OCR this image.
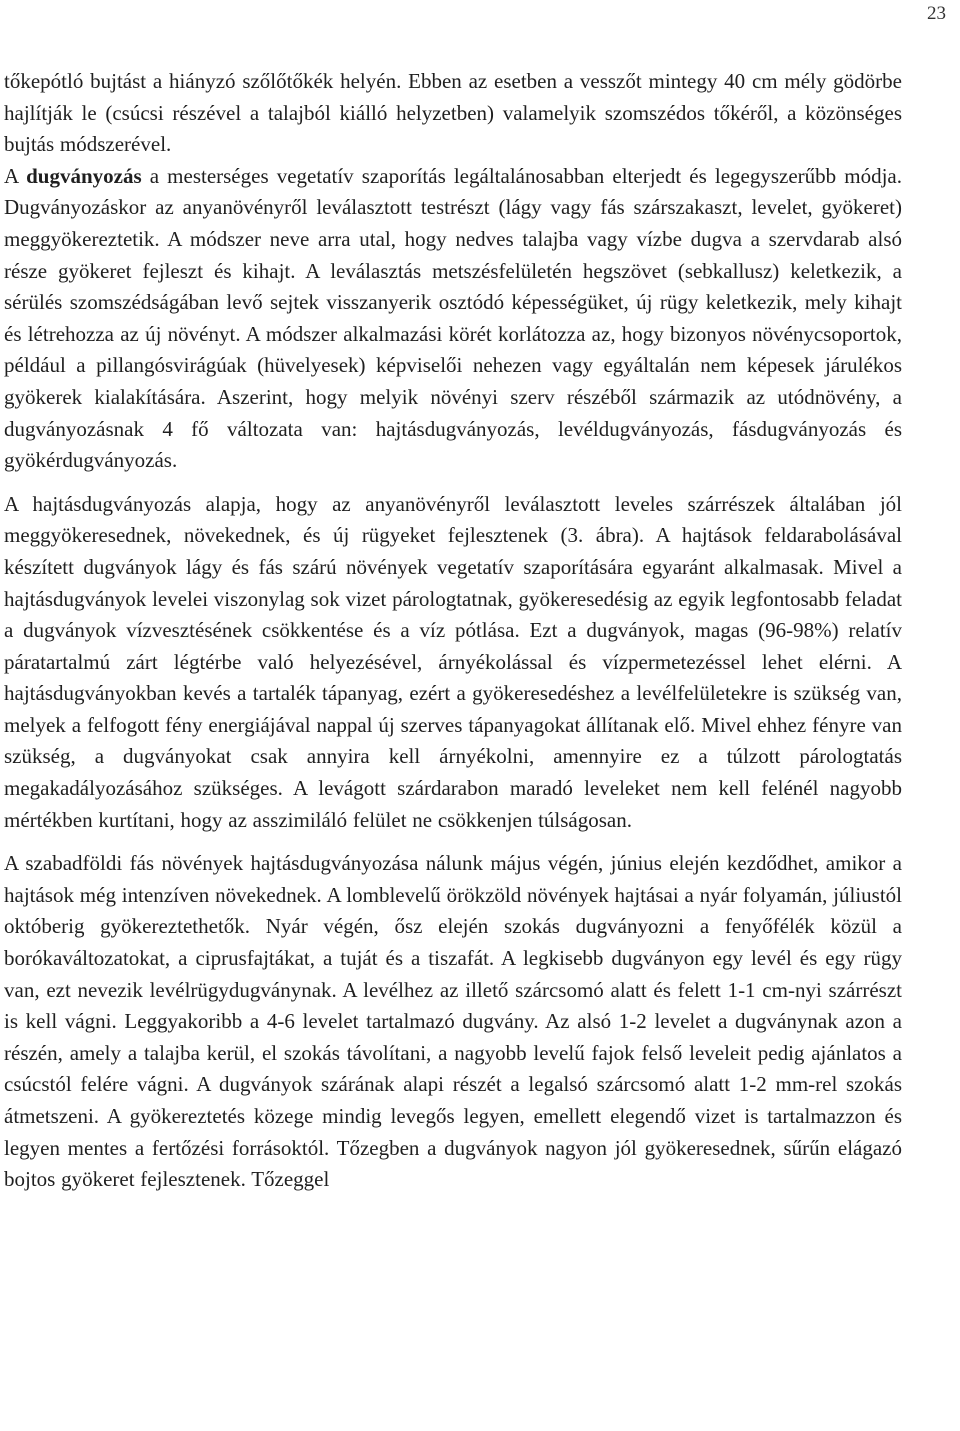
23

tőkepótló bujtást a hiányzó szőlőtőkék helyén. Ebben az esetben a vesszőt mintegy 40 cm mély gödörbe hajlítják le (csúcsi részével a talajból kiálló helyzetben) valamelyik szomszédos tőkéről, a közönséges bujtás módszerével.

A dugványozás a mesterséges vegetatív szaporítás legáltalánosabban elterjedt és legegyszerűbb módja. Dugványozáskor az anyanövényről leválasztott testrészt (lágy vagy fás szárszakaszt, levelet, gyökeret) meggyökereztetik. A módszer neve arra utal, hogy nedves talajba vagy vízbe dugva a szervdarab alsó része gyökeret fejleszt és kihajt. A leválasztás metszésfelületén hegszövet (sebkallusz) keletkezik, a sérülés szomszédságában levő sejtek visszanyerik osztódó képességüket, új rügy keletkezik, mely kihajt és létrehozza az új növényt. A módszer alkalmazási körét korlátozza az, hogy bizonyos növénycsoportok, például a pillangósvirágúak (hüvelyesek) képviselői nehezen vagy egyáltalán nem képesek járulékos gyökerek kialakítására. Aszerint, hogy melyik növényi szerv részéből származik az utódnövény, a dugványozásnak 4 fő változata van: hajtásdugványozás, levéldugványozás, fásdugványozás és gyökérdugványozás.

A hajtásdugványozás alapja, hogy az anyanövényről leválasztott leveles szárrészek általában jól meggyökeresednek, növekednek, és új rügyeket fejlesztenek (3. ábra). A hajtások feldarabolásával készített dugványok lágy és fás szárú növények vegetatív szaporítására egyaránt alkalmasak. Mivel a hajtásdugványok levelei viszonylag sok vizet párologtatnak, gyökeresedésig az egyik legfontosabb feladat a dugványok vízvesztésének csökkentése és a víz pótlása. Ezt a dugványok, magas (96-98%) relatív páratartalmú zárt légtérbe való helyezésével, árnyékolással és vízpermetezéssel lehet elérni. A hajtásdugványokban kevés a tartalék tápanyag, ezért a gyökeresedéshez a levélfelületekre is szükség van, melyek a felfogott fény energiájával nappal új szerves tápanyagokat állítanak elő. Mivel ehhez fényre van szükség, a dugványokat csak annyira kell árnyékolni, amennyire ez a túlzott párologtatás megakadályozásához szükséges. A levágott szárdarabon maradó leveleket nem kell felénél nagyobb mértékben kurtítani, hogy az asszimiláló felület ne csökkenjen túlságosan.

A szabadföldi fás növények hajtásdugványozása nálunk május végén, június elején kezdődhet, amikor a hajtások még intenzíven növekednek. A lomblevelű örökzöld növények hajtásai a nyár folyamán, júliustól októberig gyökereztethetők. Nyár végén, ősz elején szokás dugványozni a fenyőfélék közül a borókaváltozatokat, a ciprusfajtákat, a tuját és a tiszafát. A legkisebb dugványon egy levél és egy rügy van, ezt nevezik levélrügydugványnak. A levélhez az illető szárcsomó alatt és felett 1-1 cm-nyi szárrészt is kell vágni. Leggyakoribb a 4-6 levelet tartalmazó dugvány. Az alsó 1-2 levelet a dugványnak azon a részén, amely a talajba kerül, el szokás távolítani, a nagyobb levelű fajok felső leveleit pedig ajánlatos a csúcstól felére vágni. A dugványok szárának alapi részét a legalsó szárcsomó alatt 1-2 mm-rel szokás átmetszeni. A gyökereztetés közege mindig levegős legyen, emellett elegendő vizet is tartalmazzon és legyen mentes a fertőzési forrásoktól. Tőzegben a dugványok nagyon jól gyökeresednek, sűrűn elágazó bojtos gyökeret fejlesztenek. Tőzeggel
